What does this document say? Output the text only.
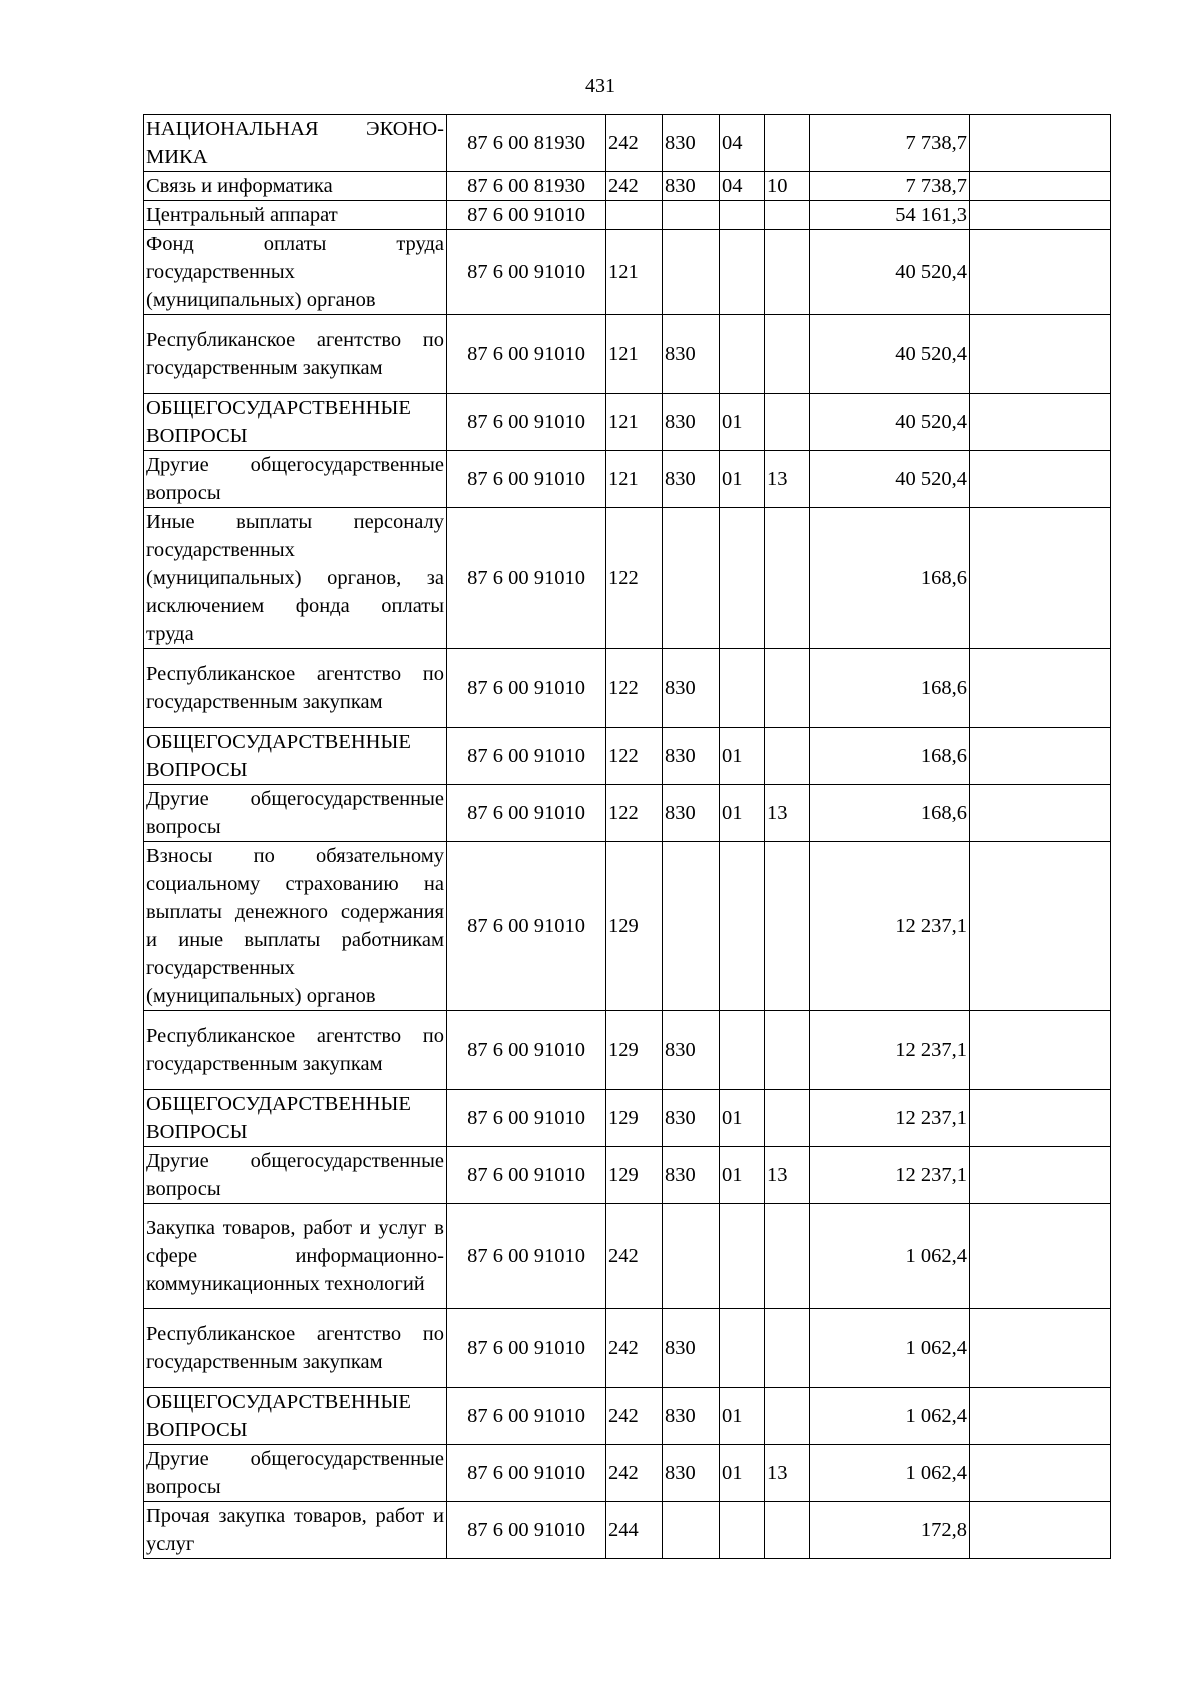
431
НАЦИОНАЛЬНАЯ ЭКОНО-МИКА	87 6 00 81930	242	830	04		7 738,7	
Связь и информатика	87 6 00 81930	242	830	04	10	7 738,7	
Центральный аппарат	87 6 00 91010					54 161,3	
Фонд оплаты труда государственных (муниципальных) органов	87 6 00 91010	121				40 520,4	
Республиканское агентство по государственным закупкам	87 6 00 91010	121	830			40 520,4	
ОБЩЕГОСУДАРСТВЕННЫЕ ВОПРОСЫ	87 6 00 91010	121	830	01		40 520,4	
Другие общегосударственные вопросы	87 6 00 91010	121	830	01	13	40 520,4	
Иные выплаты персоналу государственных (муниципальных) органов, за исключением фонда оплаты труда	87 6 00 91010	122				168,6	
Республиканское агентство по государственным закупкам	87 6 00 91010	122	830			168,6	
ОБЩЕГОСУДАРСТВЕННЫЕ ВОПРОСЫ	87 6 00 91010	122	830	01		168,6	
Другие общегосударственные вопросы	87 6 00 91010	122	830	01	13	168,6	
Взносы по обязательному социальному страхованию на выплаты денежного содержания и иные выплаты работникам государственных (муниципальных) органов	87 6 00 91010	129				12 237,1	
Республиканское агентство по государственным закупкам	87 6 00 91010	129	830			12 237,1	
ОБЩЕГОСУДАРСТВЕННЫЕ ВОПРОСЫ	87 6 00 91010	129	830	01		12 237,1	
Другие общегосударственные вопросы	87 6 00 91010	129	830	01	13	12 237,1	
Закупка товаров, работ и услуг в сфере информационно-коммуникационных технологий	87 6 00 91010	242				1 062,4	
Республиканское агентство по государственным закупкам	87 6 00 91010	242	830			1 062,4	
ОБЩЕГОСУДАРСТВЕННЫЕ ВОПРОСЫ	87 6 00 91010	242	830	01		1 062,4	
Другие общегосударственные вопросы	87 6 00 91010	242	830	01	13	1 062,4	
Прочая закупка товаров, работ и услуг	87 6 00 91010	244				172,8	
